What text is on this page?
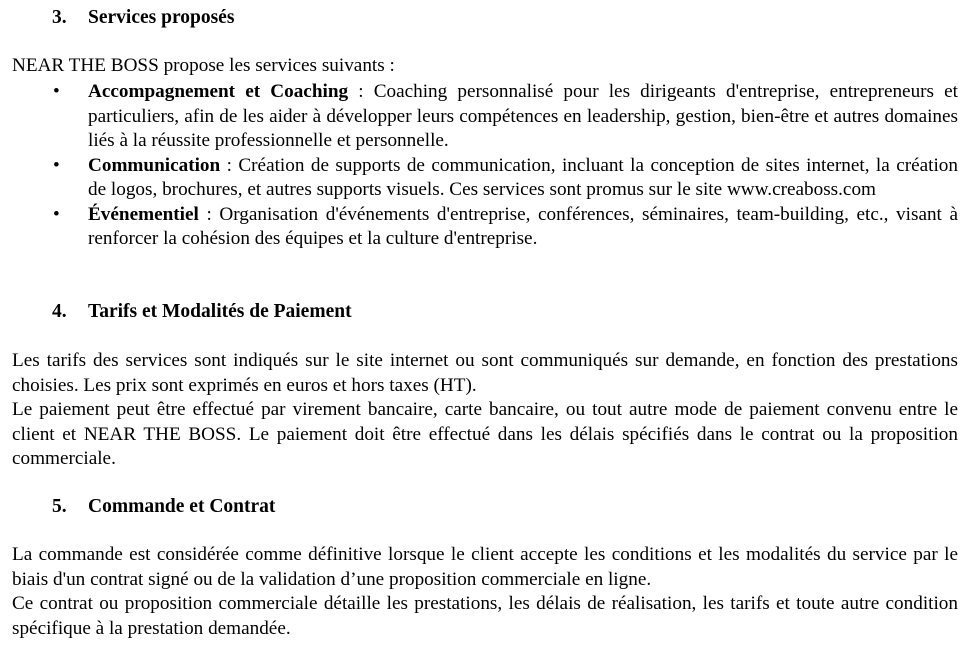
3. Services proposés
NEAR THE BOSS propose les services suivants :
• Accompagnement et Coaching : Coaching personnalisé pour les dirigeants d'entreprise, entrepreneurs et particuliers, afin de les aider à développer leurs compétences en leadership, gestion, bien-être et autres domaines liés à la réussite professionnelle et personnelle.
• Communication : Création de supports de communication, incluant la conception de sites internet, la création de logos, brochures, et autres supports visuels. Ces services sont promus sur le site www.creaboss.com
• Événementiel : Organisation d'événements d'entreprise, conférences, séminaires, team-building, etc., visant à renforcer la cohésion des équipes et la culture d'entreprise.
4. Tarifs et Modalités de Paiement
Les tarifs des services sont indiqués sur le site internet ou sont communiqués sur demande, en fonction des prestations choisies. Les prix sont exprimés en euros et hors taxes (HT).
Le paiement peut être effectué par virement bancaire, carte bancaire, ou tout autre mode de paiement convenu entre le client et NEAR THE BOSS. Le paiement doit être effectué dans les délais spécifiés dans le contrat ou la proposition commerciale.
5. Commande et Contrat
La commande est considérée comme définitive lorsque le client accepte les conditions et les modalités du service par le biais d'un contrat signé ou de la validation d’une proposition commerciale en ligne.
Ce contrat ou proposition commerciale détaille les prestations, les délais de réalisation, les tarifs et toute autre condition spécifique à la prestation demandée.
